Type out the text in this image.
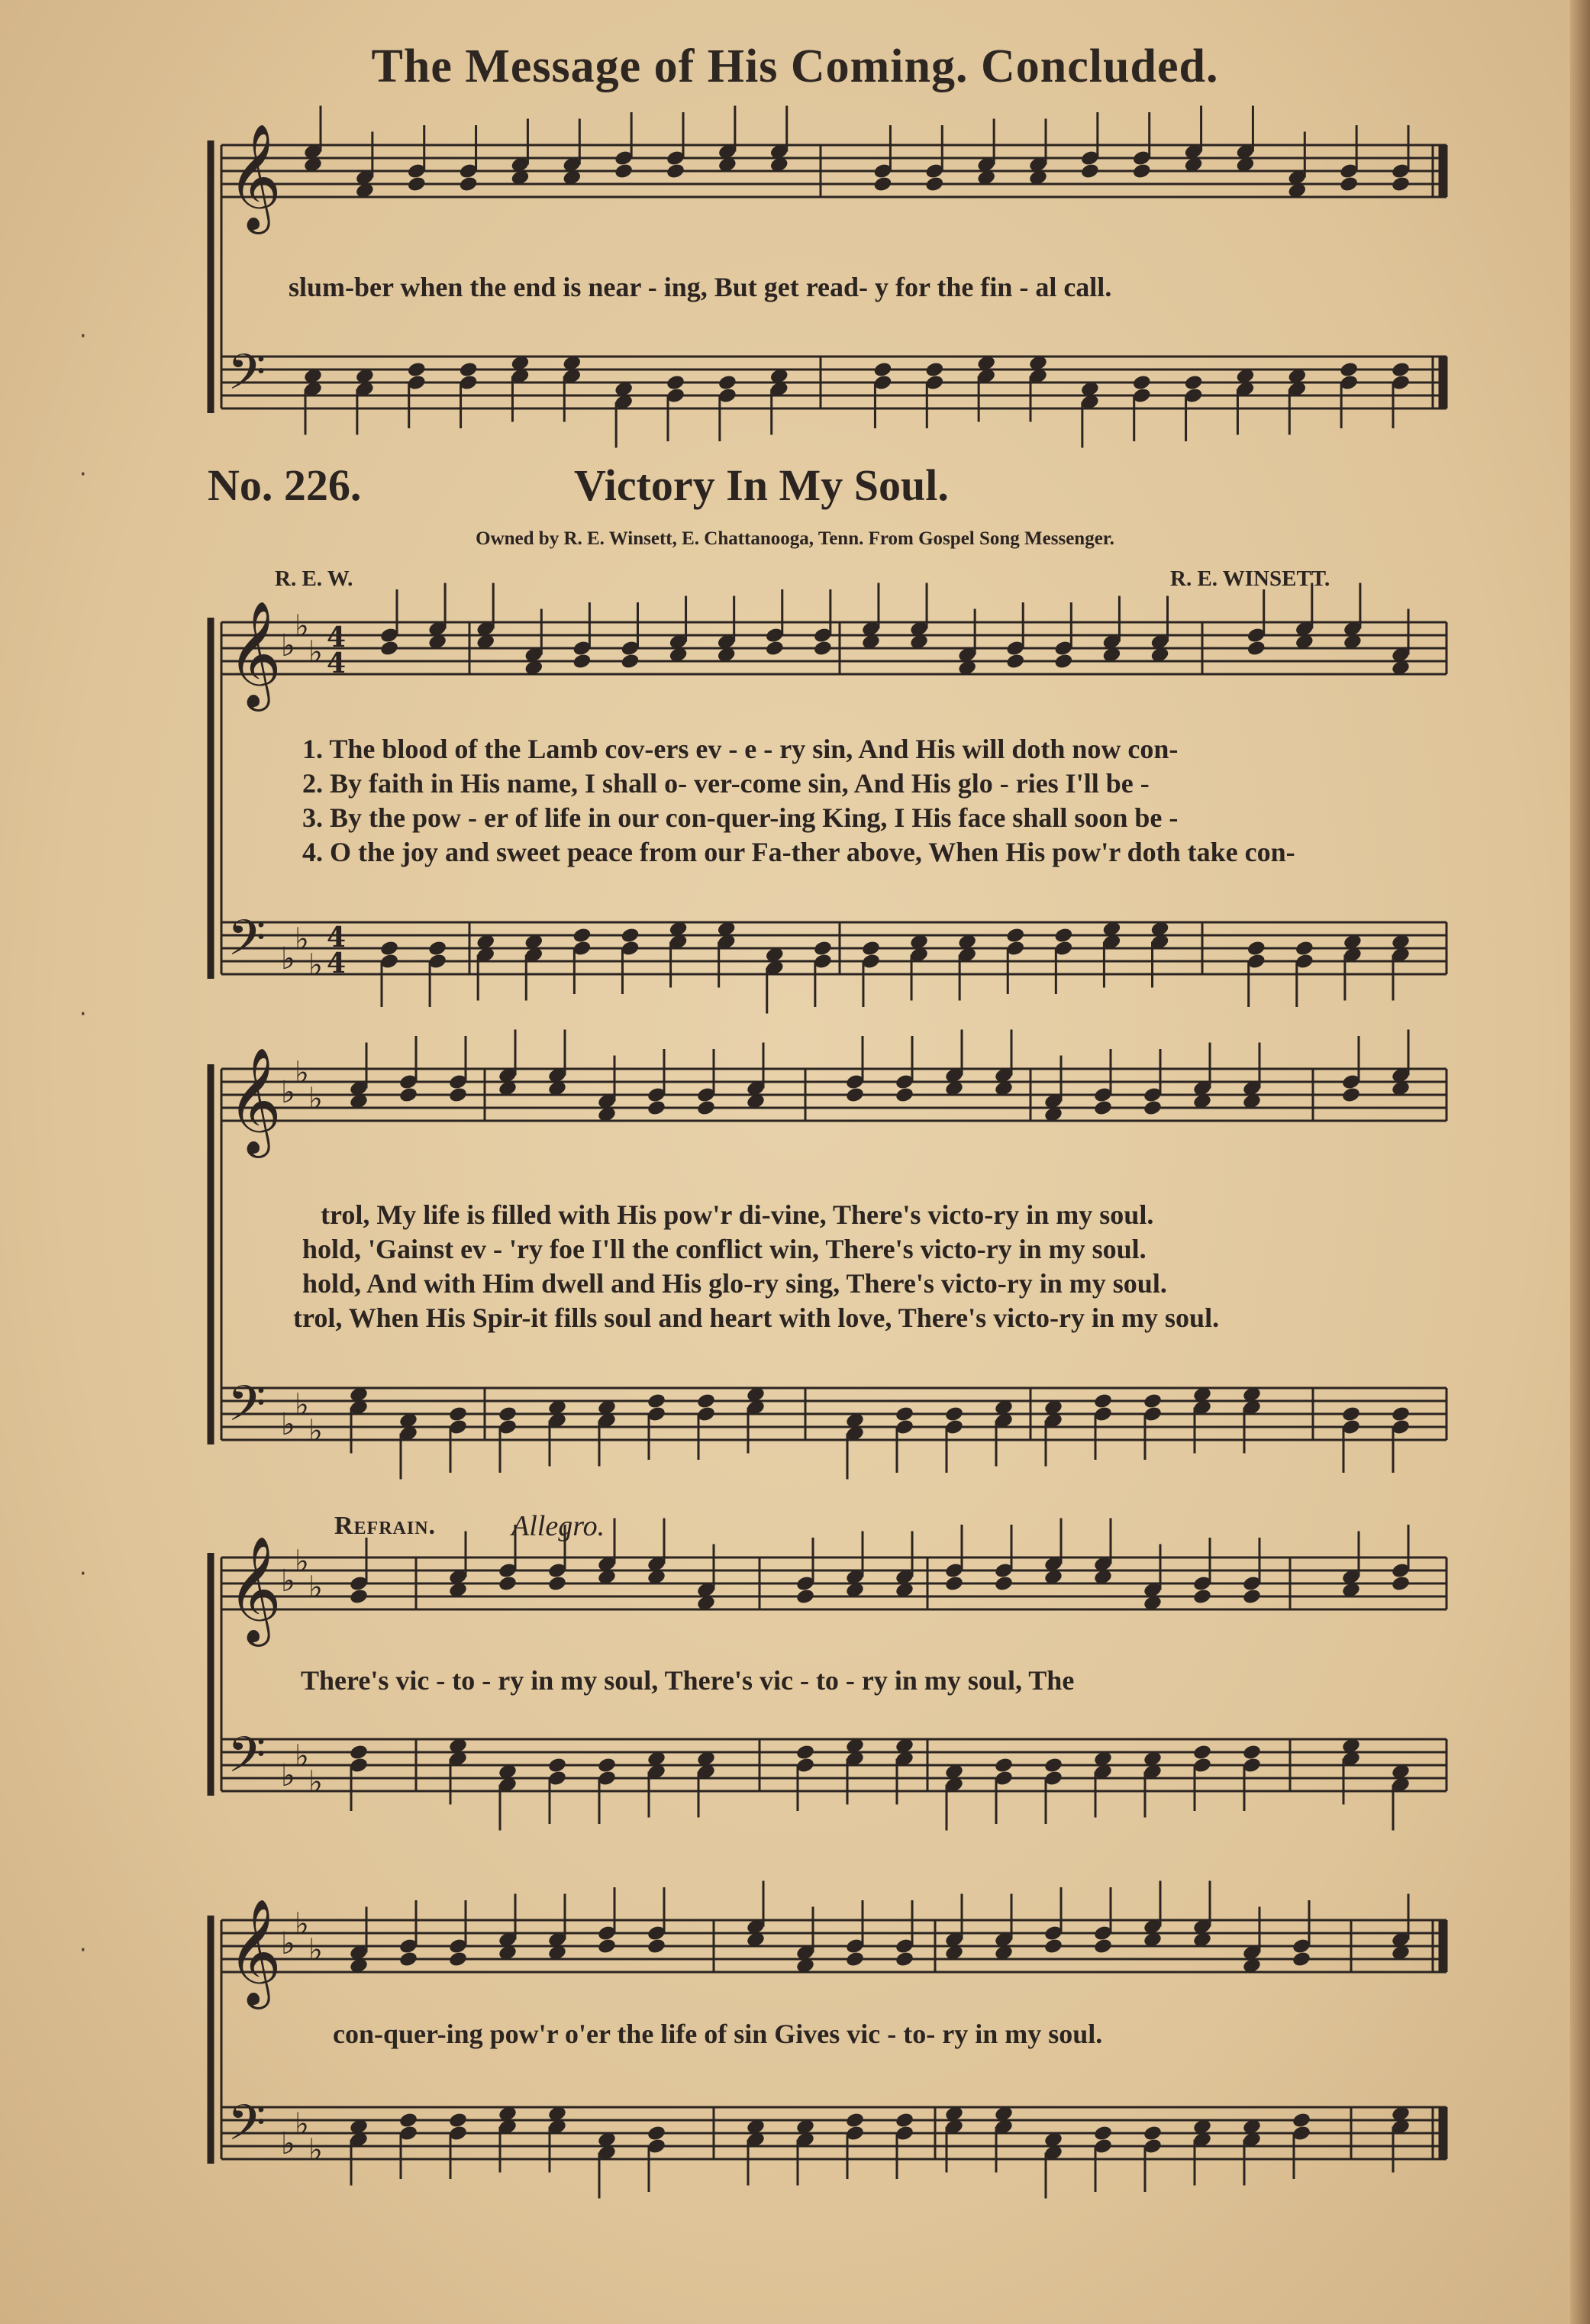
·
·
·
·
·
𝄞
𝄢
𝄞 ♭
♭
♭ 4
4
𝄢 ♭
♭
♭
4
4
𝄞 ♭
♭
♭
𝄢 ♭
♭
♭
𝄞 ♭
♭
♭
𝄢 ♭
♭
♭
𝄞 ♭
♭
♭
𝄢 ♭
♭
♭
The Message of His Coming. Concluded.
slum-ber when the end is near - ing, But get read- y for the fin - al call.
No. 226.	Victory In My Soul.
Owned by R. E. Winsett, E. Chattanooga, Tenn. From Gospel Song Messenger.
R. E. W.	R. E. WINSETT.
1. The blood of the Lamb cov-ers ev - e - ry sin, And His will doth now con-
2. By faith in His name, I shall o- ver-come sin, And His glo - ries I'll be -
3. By the pow - er of life in our con-quer-ing King, I His face shall soon be -
4. O the joy and sweet peace from our Fa-ther above, When His pow'r doth take con-
trol, My life is filled with His pow'r di-vine, There's victo-ry in my soul.
hold, 'Gainst ev - 'ry foe I'll the conflict win, There's victo-ry in my soul.
hold, And with Him dwell and His glo-ry sing, There's victo-ry in my soul.
trol, When His Spir-it fills soul and heart with love, There's victo-ry in my soul.
Refrain.	Allegro.
There's vic - to - ry in my soul, There's vic - to - ry in my soul, The
con-quer-ing pow'r o'er the life of sin Gives vic - to- ry in my soul.
